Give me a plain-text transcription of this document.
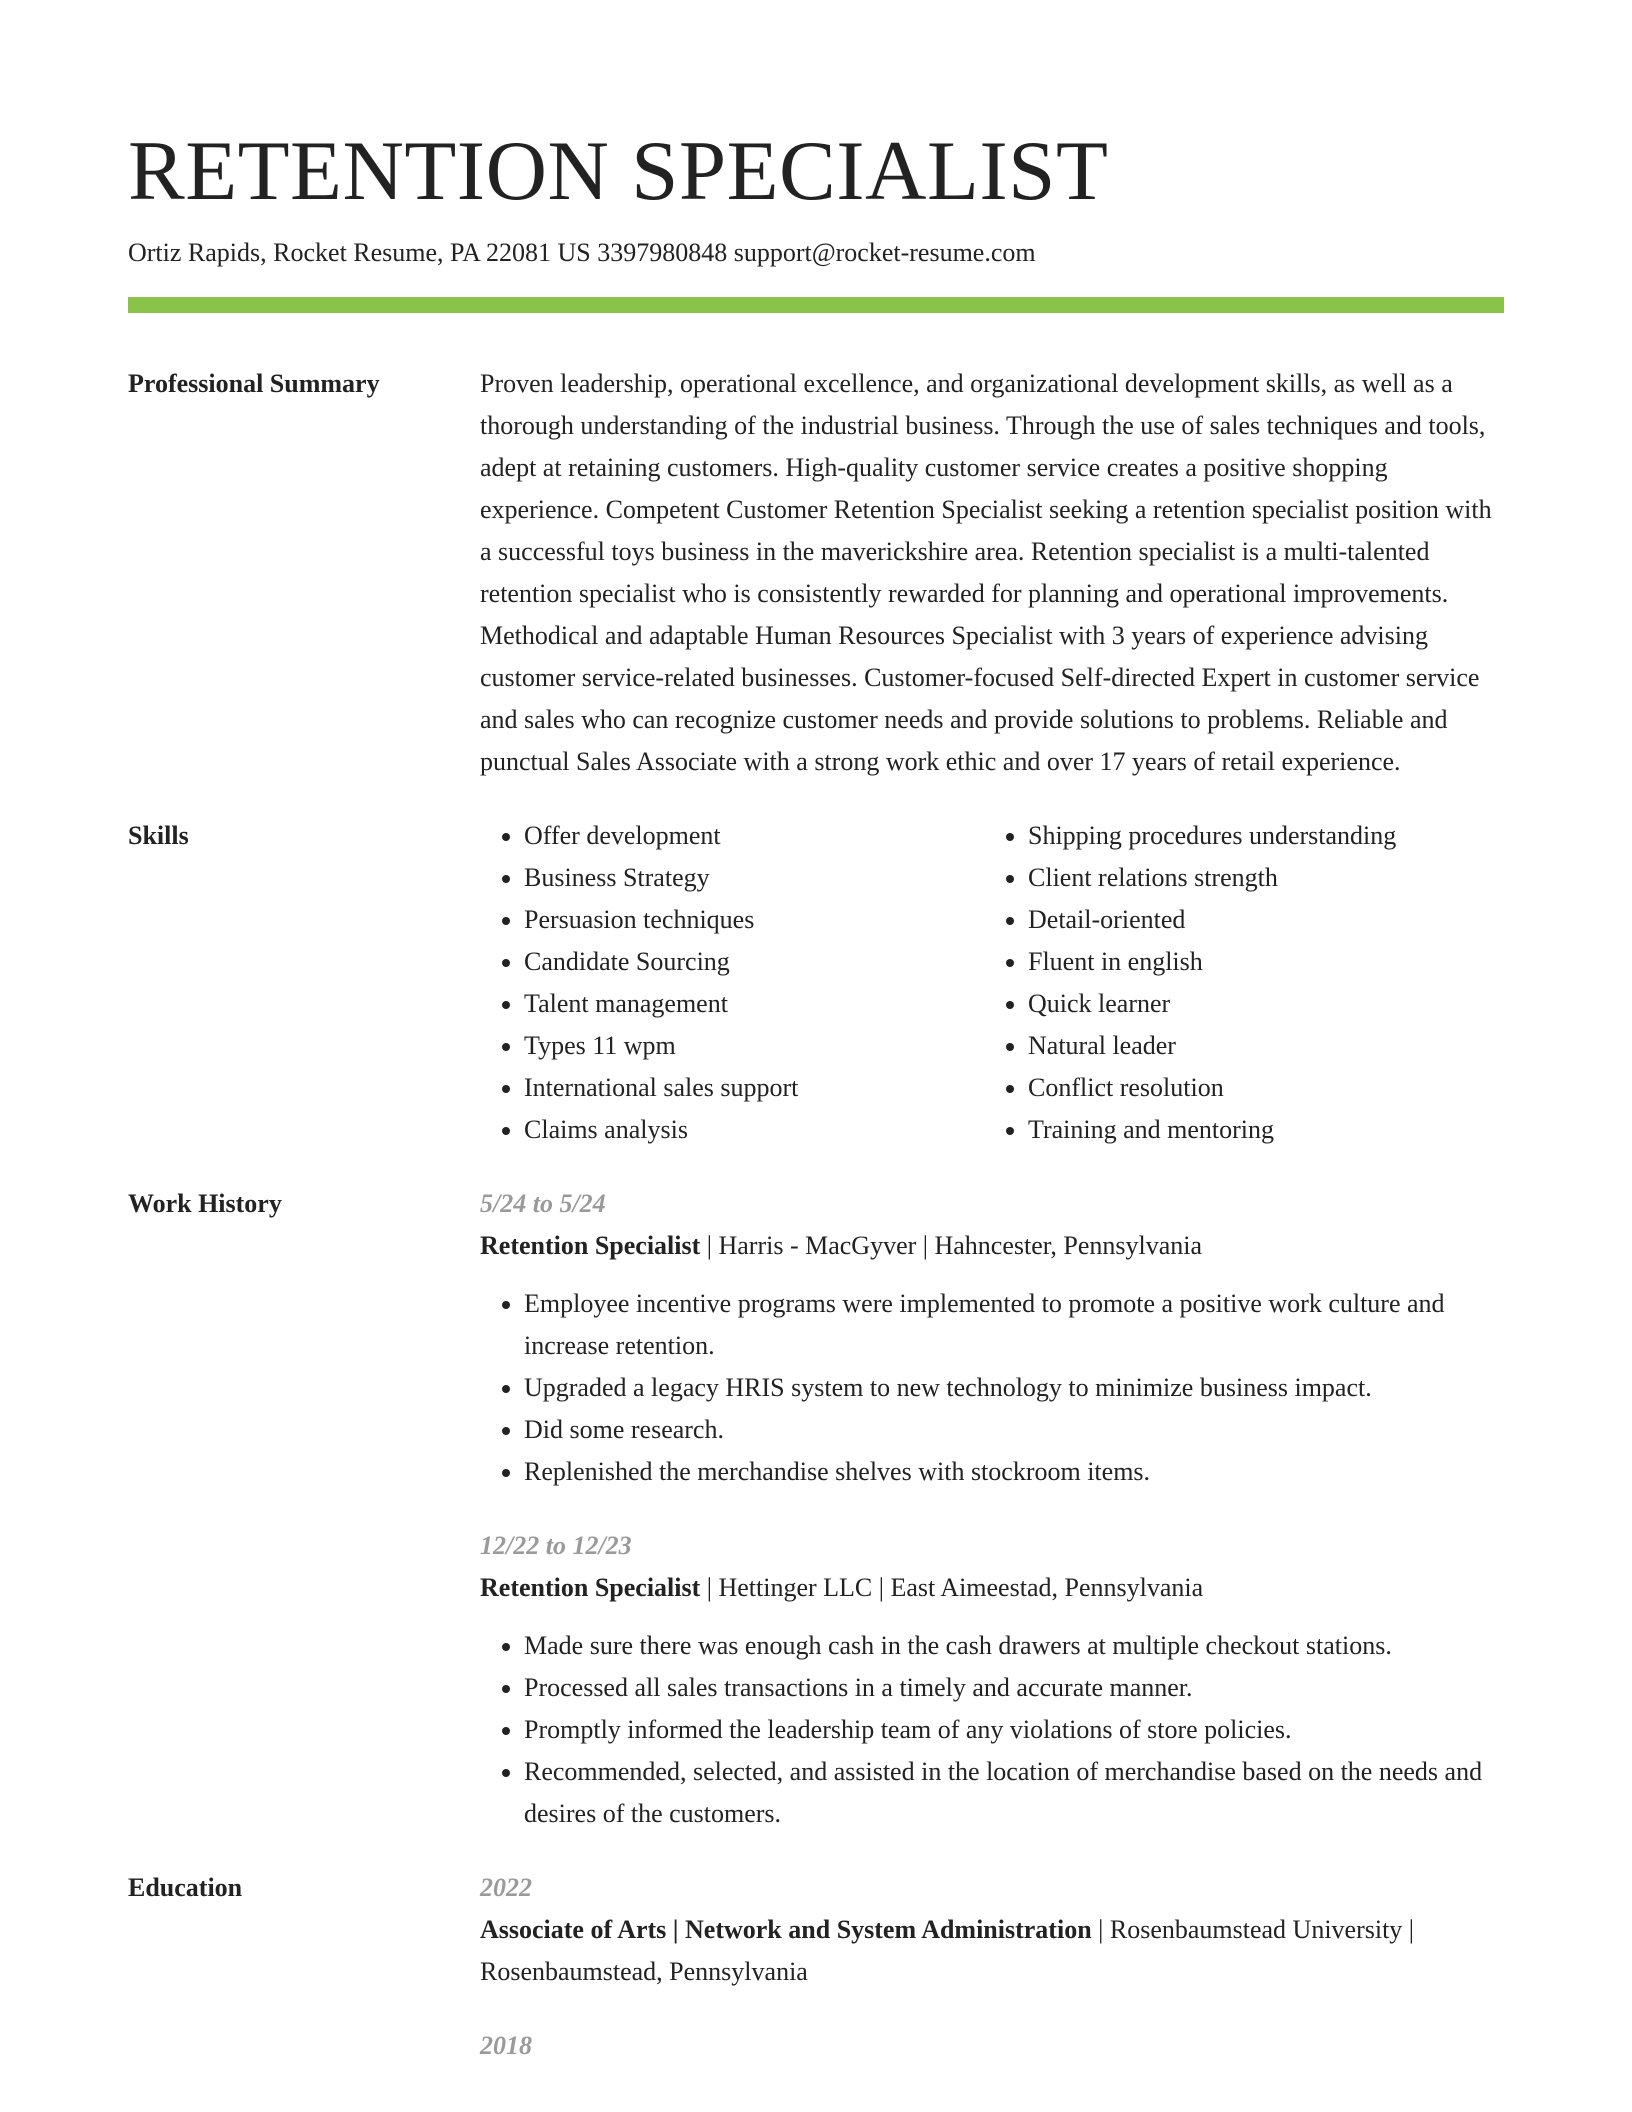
RETENTION SPECIALIST
Ortiz Rapids, Rocket Resume, PA 22081 US 3397980848 support@rocket-resume.com
Professional Summary	Proven leadership, operational excellence, and organizational development skills, as well as a thorough understanding of the industrial business. Through the use of sales techniques and tools, adept at retaining customers. High-quality customer service creates a positive shopping experience. Competent Customer Retention Specialist seeking a retention specialist position with a successful toys business in the maverickshire area. Retention specialist is a multi-talented retention specialist who is consistently rewarded for planning and operational improvements. Methodical and adaptable Human Resources Specialist with 3 years of experience advising customer service-related businesses. Customer-focused Self-directed Expert in customer service and sales who can recognize customer needs and provide solutions to problems. Reliable and punctual Sales Associate with a strong work ethic and over 17 years of retail experience.

Skills
•	Offer development
• Business Strategy
• Persuasion techniques
• Candidate Sourcing
• Talent management
• Types 11 wpm
• International sales support
• Claims analysis
• Shipping procedures understanding
• Client relations strength
• Detail-oriented
• Fluent in english
• Quick learner
• Natural leader
• Conflict resolution
• Training and mentoring
Work History	5/24 to 5/24
Retention Specialist | Harris - MacGyver | Hahncester, Pennsylvania
• Employee incentive programs were implemented to promote a positive work culture and increase retention.
• Upgraded a legacy HRIS system to new technology to minimize business impact.
• Did some research.
• Replenished the merchandise shelves with stockroom items.
12/22 to 12/23
Retention Specialist | Hettinger LLC | East Aimeestad, Pennsylvania
• Made sure there was enough cash in the cash drawers at multiple checkout stations.
• Processed all sales transactions in a timely and accurate manner.
• Promptly informed the leadership team of any violations of store policies.
• Recommended, selected, and assisted in the location of merchandise based on the needs and desires of the customers.
Education	2022
Associate of Arts | Network and System Administration | Rosenbaumstead University | Rosenbaumstead, Pennsylvania
2018
